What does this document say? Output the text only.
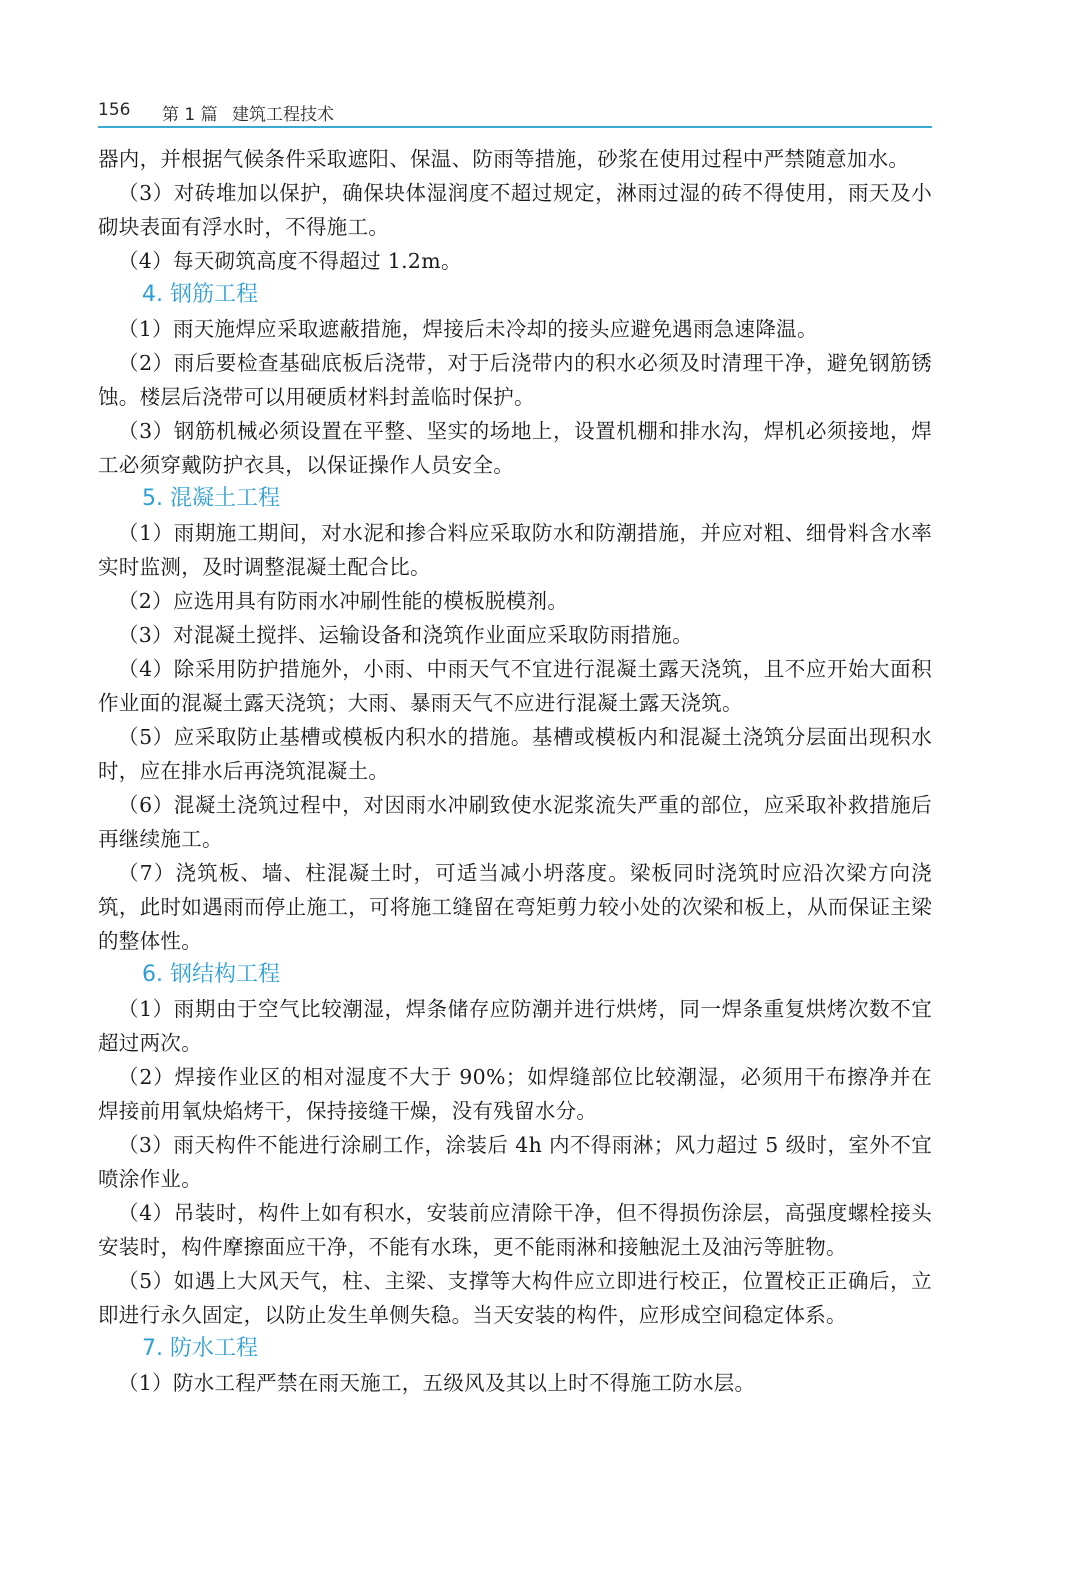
156 第 1 篇 建筑工程技术

器内，并根据气候条件采取遮阳、保温、防雨等措施，砂浆在使用过程中严禁随意加水。

（3）对砖堆加以保护，确保块体湿润度不超过规定，淋雨过湿的砖不得使用，雨天及小砌块表面有浮水时，不得施工。

（4）每天砌筑高度不得超过 1.2m。

4. 钢筋工程

（1）雨天施焊应采取遮蔽措施，焊接后未冷却的接头应避免遇雨急速降温。

（2）雨后要检查基础底板后浇带，对于后浇带内的积水必须及时清理干净，避免钢筋锈蚀。楼层后浇带可以用硬质材料封盖临时保护。

（3）钢筋机械必须设置在平整、坚实的场地上，设置机棚和排水沟，焊机必须接地，焊工必须穿戴防护衣具，以保证操作人员安全。

5. 混凝土工程

（1）雨期施工期间，对水泥和掺合料应采取防水和防潮措施，并应对粗、细骨料含水率实时监测，及时调整混凝土配合比。

（2）应选用具有防雨水冲刷性能的模板脱模剂。

（3）对混凝土搅拌、运输设备和浇筑作业面应采取防雨措施。

（4）除采用防护措施外，小雨、中雨天气不宜进行混凝土露天浇筑，且不应开始大面积作业面的混凝土露天浇筑；大雨、暴雨天气不应进行混凝土露天浇筑。

（5）应采取防止基槽或模板内积水的措施。基槽或模板内和混凝土浇筑分层面出现积水时，应在排水后再浇筑混凝土。

（6）混凝土浇筑过程中，对因雨水冲刷致使水泥浆流失严重的部位，应采取补救措施后再继续施工。

（7）浇筑板、墙、柱混凝土时，可适当减小坍落度。梁板同时浇筑时应沿次梁方向浇筑，此时如遇雨而停止施工，可将施工缝留在弯矩剪力较小处的次梁和板上，从而保证主梁的整体性。

6. 钢结构工程

（1）雨期由于空气比较潮湿，焊条储存应防潮并进行烘烤，同一焊条重复烘烤次数不宜超过两次。

（2）焊接作业区的相对湿度不大于 90%；如焊缝部位比较潮湿，必须用干布擦净并在焊接前用氧炔焰烤干，保持接缝干燥，没有残留水分。

（3）雨天构件不能进行涂刷工作，涂装后 4h 内不得雨淋；风力超过 5 级时，室外不宜喷涂作业。

（4）吊装时，构件上如有积水，安装前应清除干净，但不得损伤涂层，高强度螺栓接头安装时，构件摩擦面应干净，不能有水珠，更不能雨淋和接触泥土及油污等脏物。

（5）如遇上大风天气，柱、主梁、支撑等大构件应立即进行校正，位置校正正确后，立即进行永久固定，以防止发生单侧失稳。当天安装的构件，应形成空间稳定体系。

7. 防水工程

（1）防水工程严禁在雨天施工，五级风及其以上时不得施工防水层。
